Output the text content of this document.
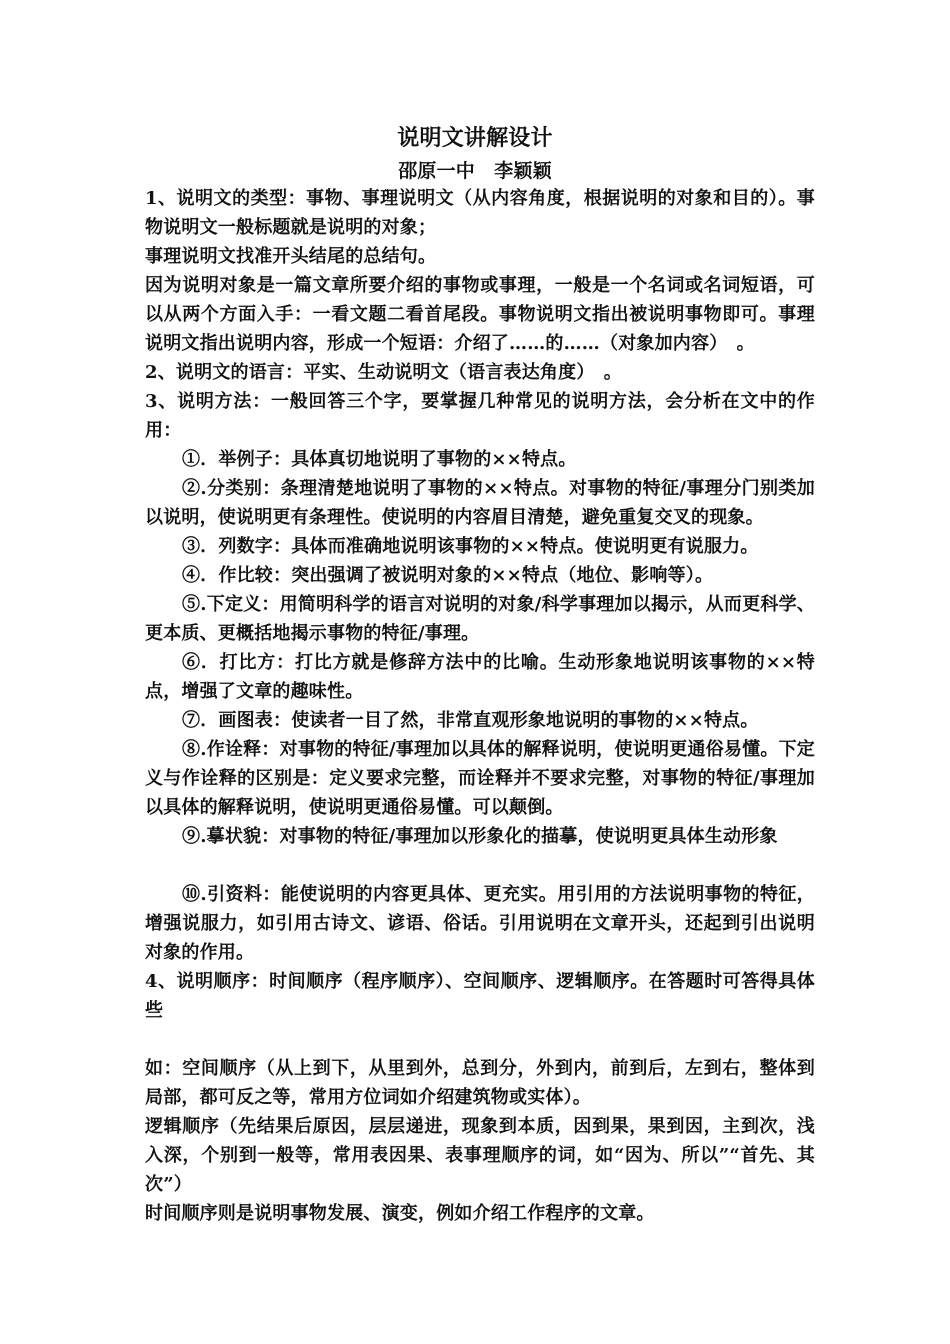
说明文讲解设计
邵原一中　李颖颖

1、说明文的类型：事物、事理说明文（从内容角度，根据说明的对象和目的）。事物说明文一般标题就是说明的对象；

事理说明文找准开头结尾的总结句。

因为说明对象是一篇文章所要介绍的事物或事理，一般是一个名词或名词短语，可以从两个方面入手：一看文题二看首尾段。事物说明文指出被说明事物即可。事理说明文指出说明内容，形成一个短语：介绍了……的……（对象加内容）　。

2、说明文的语言：平实、生动说明文（语言表达角度）　。

3、说明方法：一般回答三个字，要掌握几种常见的说明方法，会分析在文中的作用：

①．举例子：具体真切地说明了事物的××特点。

②.分类别：条理清楚地说明了事物的××特点。对事物的特征/事理分门别类加以说明，使说明更有条理性。使说明的内容眉目清楚，避免重复交叉的现象。

③．列数字：具体而准确地说明该事物的××特点。使说明更有说服力。

④．作比较：突出强调了被说明对象的××特点（地位、影响等）。

⑤.下定义：用简明科学的语言对说明的对象/科学事理加以揭示，从而更科学、更本质、更概括地揭示事物的特征/事理。

⑥．打比方：打比方就是修辞方法中的比喻。生动形象地说明该事物的××特点，增强了文章的趣味性。

⑦．画图表：使读者一目了然，非常直观形象地说明的事物的××特点。

⑧.作诠释：对事物的特征/事理加以具体的解释说明，使说明更通俗易懂。下定义与作诠释的区别是：定义要求完整，而诠释并不要求完整，对事物的特征/事理加以具体的解释说明，使说明更通俗易懂。可以颠倒。

⑨.摹状貌：对事物的特征/事理加以形象化的描摹，使说明更具体生动形象

⑩.引资料：能使说明的内容更具体、更充实。用引用的方法说明事物的特征，增强说服力，如引用古诗文、谚语、俗话。引用说明在文章开头，还起到引出说明对象的作用。

4、说明顺序：时间顺序（程序顺序）、空间顺序、逻辑顺序。在答题时可答得具体些

如：空间顺序（从上到下，从里到外，总到分，外到内，前到后，左到右，整体到局部，都可反之等，常用方位词如介绍建筑物或实体）。

逻辑顺序（先结果后原因，层层递进，现象到本质，因到果，果到因，主到次，浅入深，个别到一般等，常用表因果、表事理顺序的词，如“因为、所以”“首先、其次”）

时间顺序则是说明事物发展、演变，例如介绍工作程序的文章。
